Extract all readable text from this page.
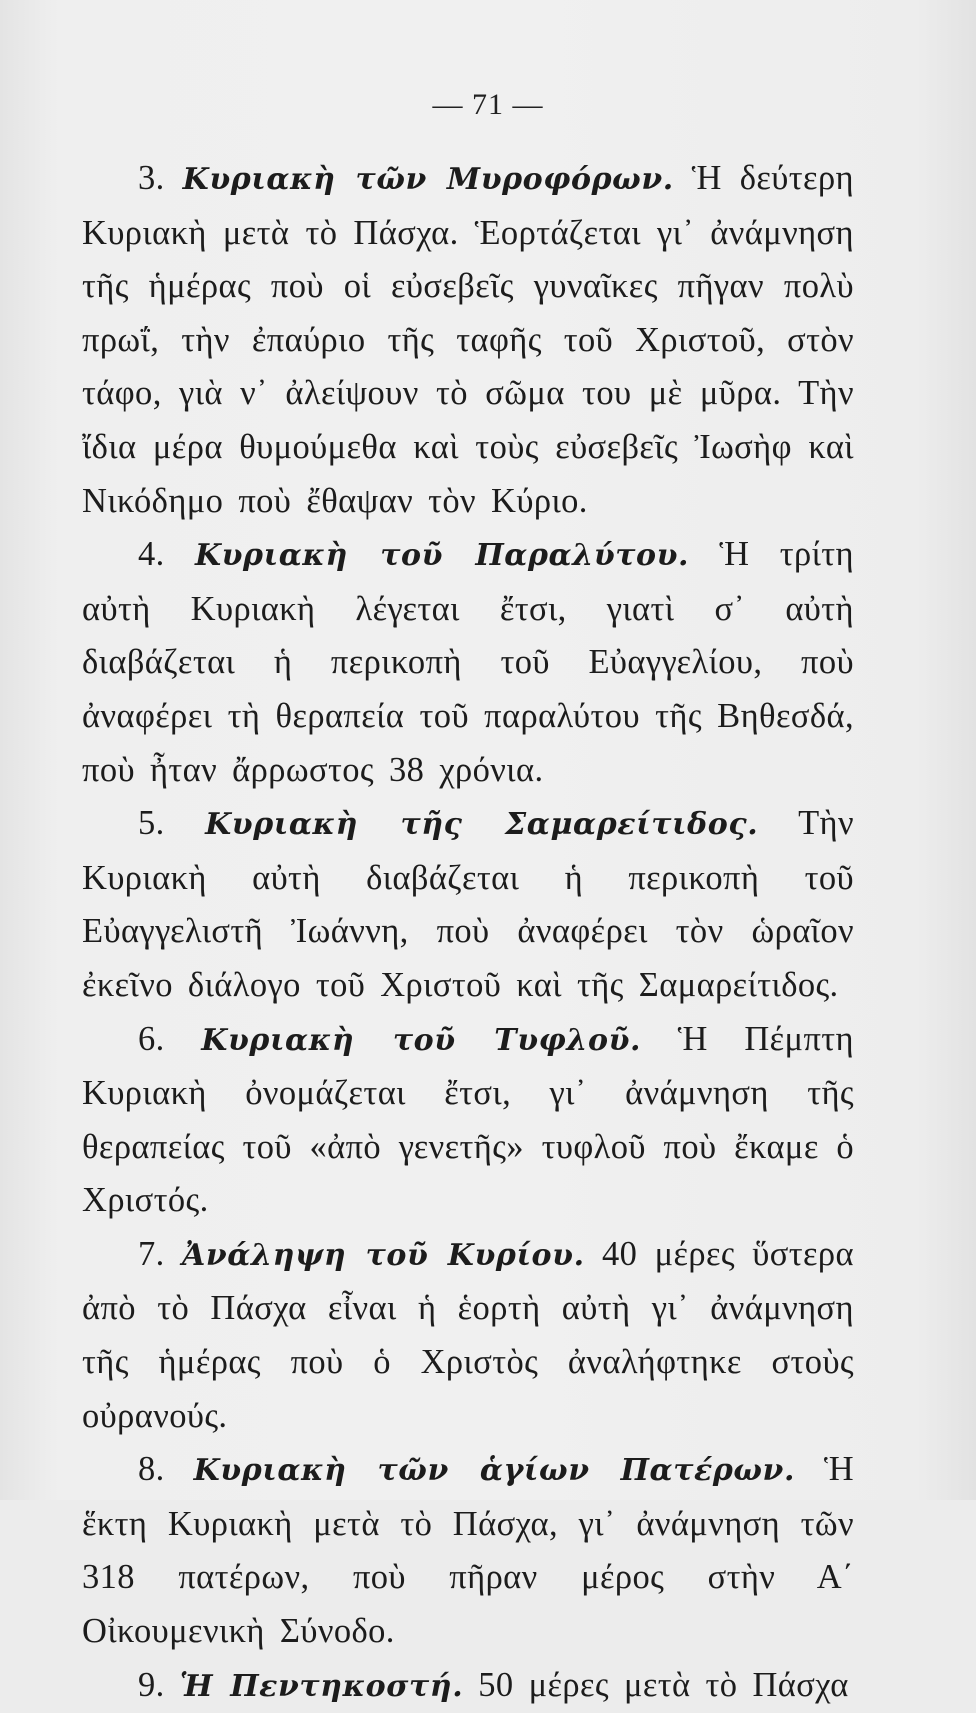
— 71 —

3. Κυριακὴ τῶν Μυροφόρων. Ἡ δεύτερη Κυριακὴ μετὰ τὸ Πάσχα. Ἑορτάζεται γι᾽ ἀνάμνηση τῆς ἡμέρας ποὺ οἱ εὐσεβεῖς γυναῖκες πῆγαν πολὺ πρωΐ, τὴν ἐπαύριο τῆς ταφῆς τοῦ Χριστοῦ, στὸν τάφο, γιὰ ν᾽ ἀλείψουν τὸ σῶμα του μὲ μῦρα. Τὴν ἴδια μέρα θυμούμεθα καὶ τοὺς εὐσεβεῖς Ἰωσὴφ καὶ Νικόδημο ποὺ ἔθαψαν τὸν Κύριο.

4. Κυριακὴ τοῦ Παραλύτου. Ἡ τρίτη αὐτὴ Κυριακὴ λέγεται ἔτσι, γιατὶ σ᾽ αὐτὴ διαβάζεται ἡ περικοπὴ τοῦ Εὐαγγελίου, ποὺ ἀναφέρει τὴ θεραπεία τοῦ παραλύτου τῆς Βηθεσδά, ποὺ ἦταν ἄρρωστος 38 χρόνια.

5. Κυριακὴ τῆς Σαμαρείτιδος. Τὴν Κυριακὴ αὐτὴ διαβάζεται ἡ περικοπὴ τοῦ Εὐαγγελιστῆ Ἰωάννη, ποὺ ἀναφέρει τὸν ὡραῖον ἐκεῖνο διάλογο τοῦ Χριστοῦ καὶ τῆς Σαμαρείτιδος.

6. Κυριακὴ τοῦ Τυφλοῦ. Ἡ Πέμπτη Κυριακὴ ὀνομάζεται ἔτσι, γι᾽ ἀνάμνηση τῆς θεραπείας τοῦ «ἀπὸ γενετῆς» τυφλοῦ ποὺ ἔκαμε ὁ Χριστός.

7. Ἀνάληψη τοῦ Κυρίου. 40 μέρες ὕστερα ἀπὸ τὸ Πάσχα εἶναι ἡ ἑορτὴ αὐτὴ γι᾽ ἀνάμνηση τῆς ἡμέρας ποὺ ὁ Χριστὸς ἀναλήφτηκε στοὺς οὐρανούς.

8. Κυριακὴ τῶν ἁγίων Πατέρων. Ἡ ἕκτη Κυριακὴ μετὰ τὸ Πάσχα, γι᾽ ἀνάμνηση τῶν 318 πατέρων, ποὺ πῆραν μέρος στὴν Α΄ Οἰκουμενικὴ Σύνοδο.

9. Ἡ Πεντηκοστή. 50 μέρες μετὰ τὸ Πάσχα
